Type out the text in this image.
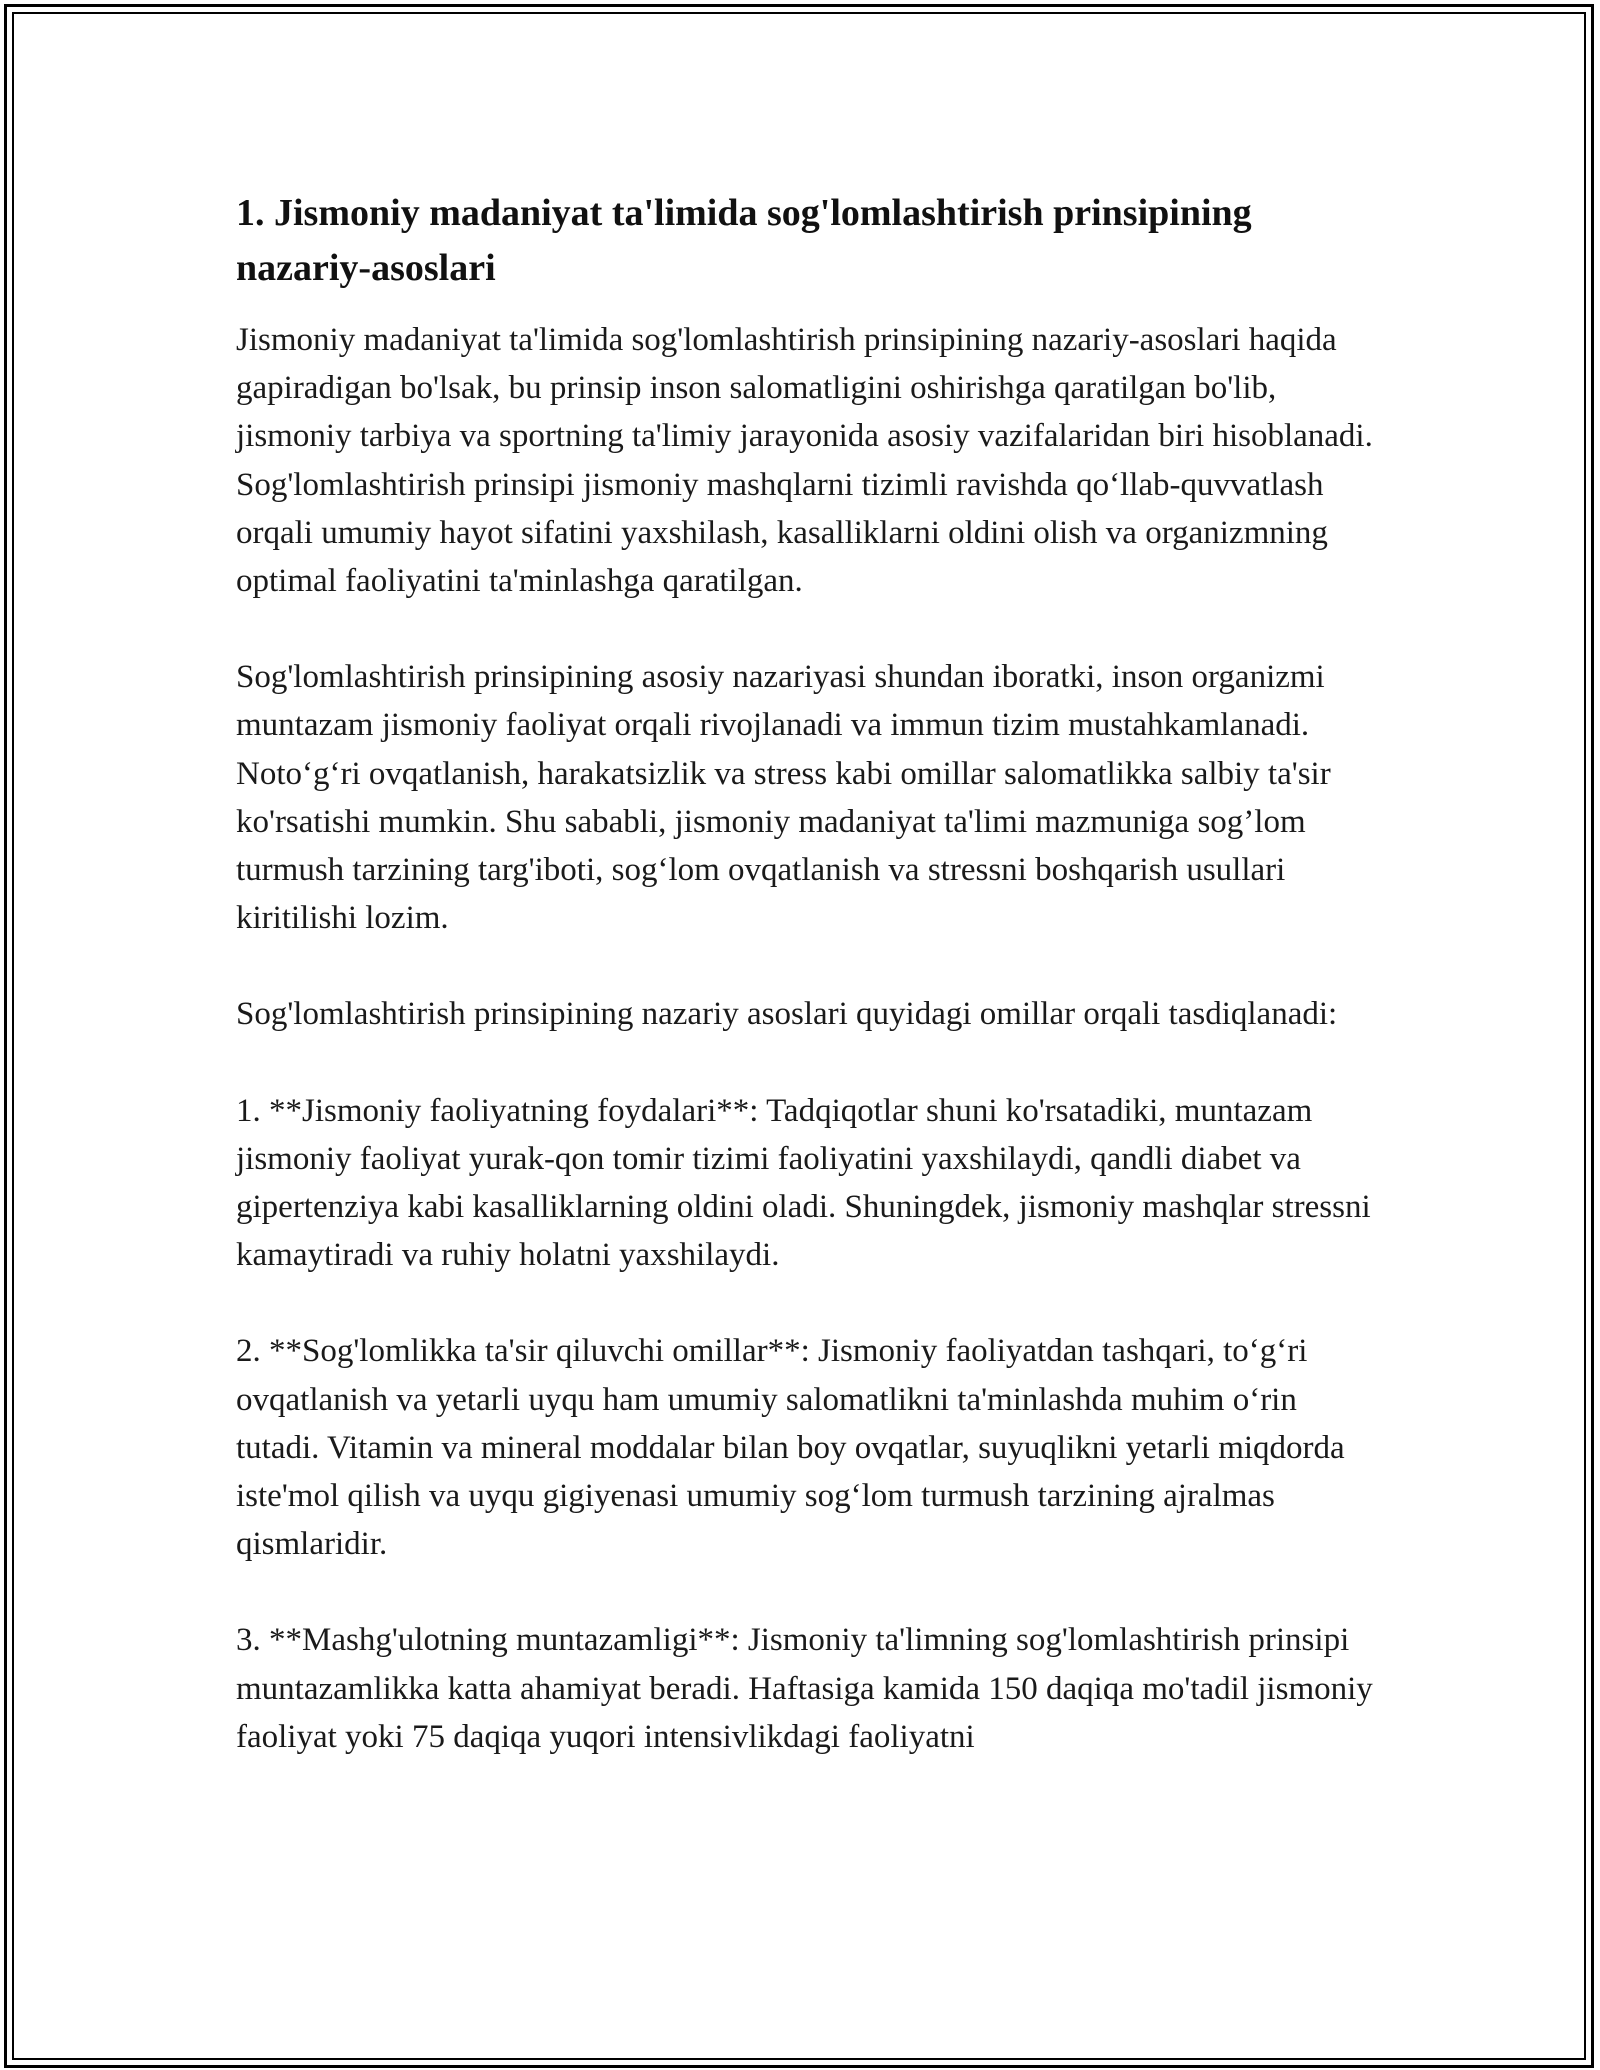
1. Jismoniy madaniyat ta'limida sog'lomlashtirish prinsipining nazariy-asoslari

Jismoniy madaniyat ta'limida sog'lomlashtirish prinsipining nazariy-asoslari haqida gapiradigan bo'lsak, bu prinsip inson salomatligini oshirishga qaratilgan bo'lib, jismoniy tarbiya va sportning ta'limiy jarayonida asosiy vazifalaridan biri hisoblanadi. Sog'lomlashtirish prinsipi jismoniy mashqlarni tizimli ravishda qo‘llab-quvvatlash orqali umumiy hayot sifatini yaxshilash, kasalliklarni oldini olish va organizmning optimal faoliyatini ta'minlashga qaratilgan.

Sog'lomlashtirish prinsipining asosiy nazariyasi shundan iboratki, inson organizmi muntazam jismoniy faoliyat orqali rivojlanadi va immun tizim mustahkamlanadi. Noto‘g‘ri ovqatlanish, harakatsizlik va stress kabi omillar salomatlikka salbiy ta'sir ko'rsatishi mumkin. Shu sababli, jismoniy madaniyat ta'limi mazmuniga sog’lom turmush tarzining targ'iboti, sog‘lom ovqatlanish va stressni boshqarish usullari kiritilishi lozim.

Sog'lomlashtirish prinsipining nazariy asoslari quyidagi omillar orqali tasdiqlanadi:

1. **Jismoniy faoliyatning foydalari**: Tadqiqotlar shuni ko'rsatadiki, muntazam jismoniy faoliyat yurak-qon tomir tizimi faoliyatini yaxshilaydi, qandli diabet va gipertenziya kabi kasalliklarning oldini oladi. Shuningdek, jismoniy mashqlar stressni kamaytiradi va ruhiy holatni yaxshilaydi.

2. **Sog'lomlikka ta'sir qiluvchi omillar**: Jismoniy faoliyatdan tashqari, to‘g‘ri ovqatlanish va yetarli uyqu ham umumiy salomatlikni ta'minlashda muhim o‘rin tutadi. Vitamin va mineral moddalar bilan boy ovqatlar, suyuqlikni yetarli miqdorda iste'mol qilish va uyqu gigiyenasi umumiy sog‘lom turmush tarzining ajralmas qismlaridir.

3. **Mashg'ulotning muntazamligi**: Jismoniy ta'limning sog'lomlashtirish prinsipi muntazamlikka katta ahamiyat beradi. Haftasiga kamida 150 daqiqa mo'tadil jismoniy faoliyat yoki 75 daqiqa yuqori intensivlikdagi faoliyatni
